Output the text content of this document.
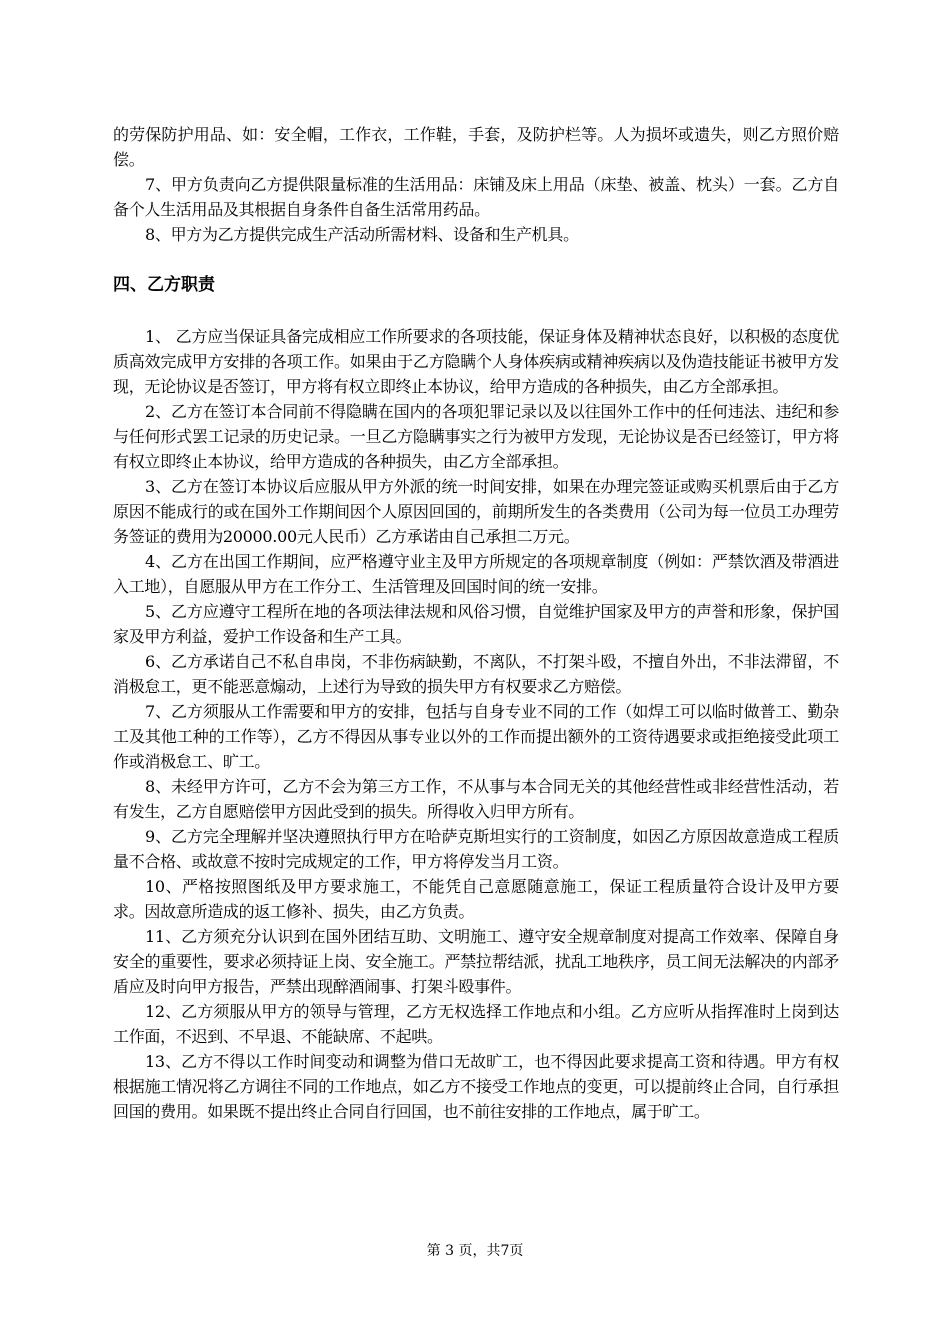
的劳保防护用品、如：安全帽，工作衣，工作鞋，手套，及防护栏等。人为损坏或遗失，则乙方照价赔偿。

7、甲方负责向乙方提供限量标准的生活用品：床铺及床上用品（床垫、被盖、枕头）一套。乙方自备个人生活用品及其根据自身条件自备生活常用药品。

8、甲方为乙方提供完成生产活动所需材料、设备和生产机具。

四、乙方职责

1、 乙方应当保证具备完成相应工作所要求的各项技能，保证身体及精神状态良好，以积极的态度优质高效完成甲方安排的各项工作。如果由于乙方隐瞒个人身体疾病或精神疾病以及伪造技能证书被甲方发现，无论协议是否签订，甲方将有权立即终止本协议，给甲方造成的各种损失，由乙方全部承担。

2、乙方在签订本合同前不得隐瞒在国内的各项犯罪记录以及以往国外工作中的任何违法、违纪和参与任何形式罢工记录的历史记录。一旦乙方隐瞒事实之行为被甲方发现，无论协议是否已经签订，甲方将有权立即终止本协议，给甲方造成的各种损失，由乙方全部承担。

3、乙方在签订本协议后应服从甲方外派的统一时间安排，如果在办理完签证或购买机票后由于乙方原因不能成行的或在国外工作期间因个人原因回国的，前期所发生的各类费用（公司为每一位员工办理劳务签证的费用为20000.00元人民币）乙方承诺由自己承担二万元。

4、乙方在出国工作期间，应严格遵守业主及甲方所规定的各项规章制度（例如：严禁饮酒及带酒进入工地），自愿服从甲方在工作分工、生活管理及回国时间的统一安排。

5、乙方应遵守工程所在地的各项法律法规和风俗习惯，自觉维护国家及甲方的声誉和形象，保护国家及甲方利益，爱护工作设备和生产工具。

6、乙方承诺自己不私自串岗，不非伤病缺勤，不离队，不打架斗殴，不擅自外出，不非法滞留，不消极怠工，更不能恶意煽动，上述行为导致的损失甲方有权要求乙方赔偿。

7、乙方须服从工作需要和甲方的安排，包括与自身专业不同的工作（如焊工可以临时做普工、勤杂工及其他工种的工作等），乙方不得因从事专业以外的工作而提出额外的工资待遇要求或拒绝接受此项工作或消极怠工、旷工。

8、未经甲方许可，乙方不会为第三方工作，不从事与本合同无关的其他经营性或非经营性活动，若有发生，乙方自愿赔偿甲方因此受到的损失。所得收入归甲方所有。

9、乙方完全理解并坚决遵照执行甲方在哈萨克斯坦实行的工资制度，如因乙方原因故意造成工程质量不合格、或故意不按时完成规定的工作，甲方将停发当月工资。

10、严格按照图纸及甲方要求施工，不能凭自己意愿随意施工，保证工程质量符合设计及甲方要求。因故意所造成的返工修补、损失，由乙方负责。

11、乙方须充分认识到在国外团结互助、文明施工、遵守安全规章制度对提高工作效率、保障自身安全的重要性，要求必须持证上岗、安全施工。严禁拉帮结派，扰乱工地秩序，员工间无法解决的内部矛盾应及时向甲方报告，严禁出现醉酒闹事、打架斗殴事件。

12、乙方须服从甲方的领导与管理，乙方无权选择工作地点和小组。乙方应听从指挥准时上岗到达工作面，不迟到、不早退、不能缺席、不起哄。

13、乙方不得以工作时间变动和调整为借口无故旷工，也不得因此要求提高工资和待遇。甲方有权根据施工情况将乙方调往不同的工作地点，如乙方不接受工作地点的变更，可以提前终止合同，自行承担回国的费用。如果既不提出终止合同自行回国，也不前往安排的工作地点，属于旷工。

第 3 页，共7页
